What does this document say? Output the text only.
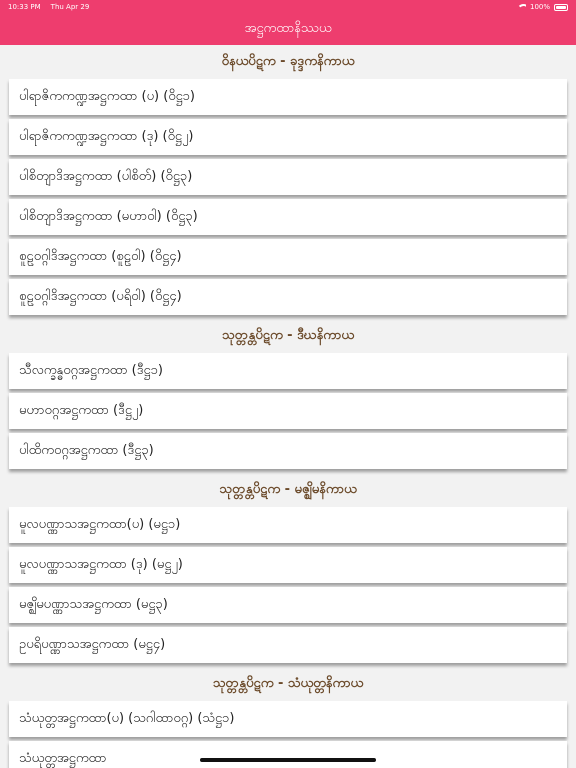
10:33 PM Thu Apr 29	100%
အဋ္ဌကထာနိဿယ
ဝိနယပိဋက - ခုဒ္ဒကနိကာယ
ပါရာဇိကကဏ္ဍအဋ္ဌကထာ (ပ) (ဝိဋ္ဌ၁)
ပါရာဇိကကဏ္ဍအဋ္ဌကထာ (ဒု) (ဝိဋ္ဌ၂)
ပါစိတျာဒိအဋ္ဌကထာ (ပါစိတ်) (ဝိဋ္ဌ၃)
ပါစိတျာဒိအဋ္ဌကထာ (မဟာဝါ) (ဝိဋ္ဌ၃)
စူဠဝဂ္ဂါဒိအဋ္ဌကထာ (စူဠဝါ) (ဝိဋ္ဌ၄)
စူဠဝဂ္ဂါဒိအဋ္ဌကထာ (ပရိဝါ) (ဝိဋ္ဌ၄)
သုတ္တန္တပိဋက - ဒီဃနိကာယ
သီလက္ခန္ဓဝဂ္ဂအဋ္ဌကထာ (ဒီဋ္ဌ၁)
မဟာဝဂ္ဂအဋ္ဌကထာ (ဒီဋ္ဌ၂)
ပါထိကဝဂ္ဂအဋ္ဌကထာ (ဒီဋ္ဌ၃)
သုတ္တန္တပိဋက - မဇ္ဈိမနိကာယ
မူလပဏ္ဏာသအဋ္ဌကထာ(ပ) (မဋ္ဌ၁)
မူလပဏ္ဏာသအဋ္ဌကထာ (ဒု) (မဋ္ဌ၂)
မဇ္ဈိမပဏ္ဏာသအဋ္ဌကထာ (မဋ္ဌ၃)
ဥပရိပဏ္ဏာသအဋ္ဌကထာ (မဋ္ဌ၄)
သုတ္တန္တပိဋက - သံယုတ္တနိကာယ
သံယုတ္တအဋ္ဌကထာ(ပ) (သဂါထာဝဂ္ဂ) (သံဋ္ဌ၁)
သံယုတ္တအဋ္ဌကထာ
